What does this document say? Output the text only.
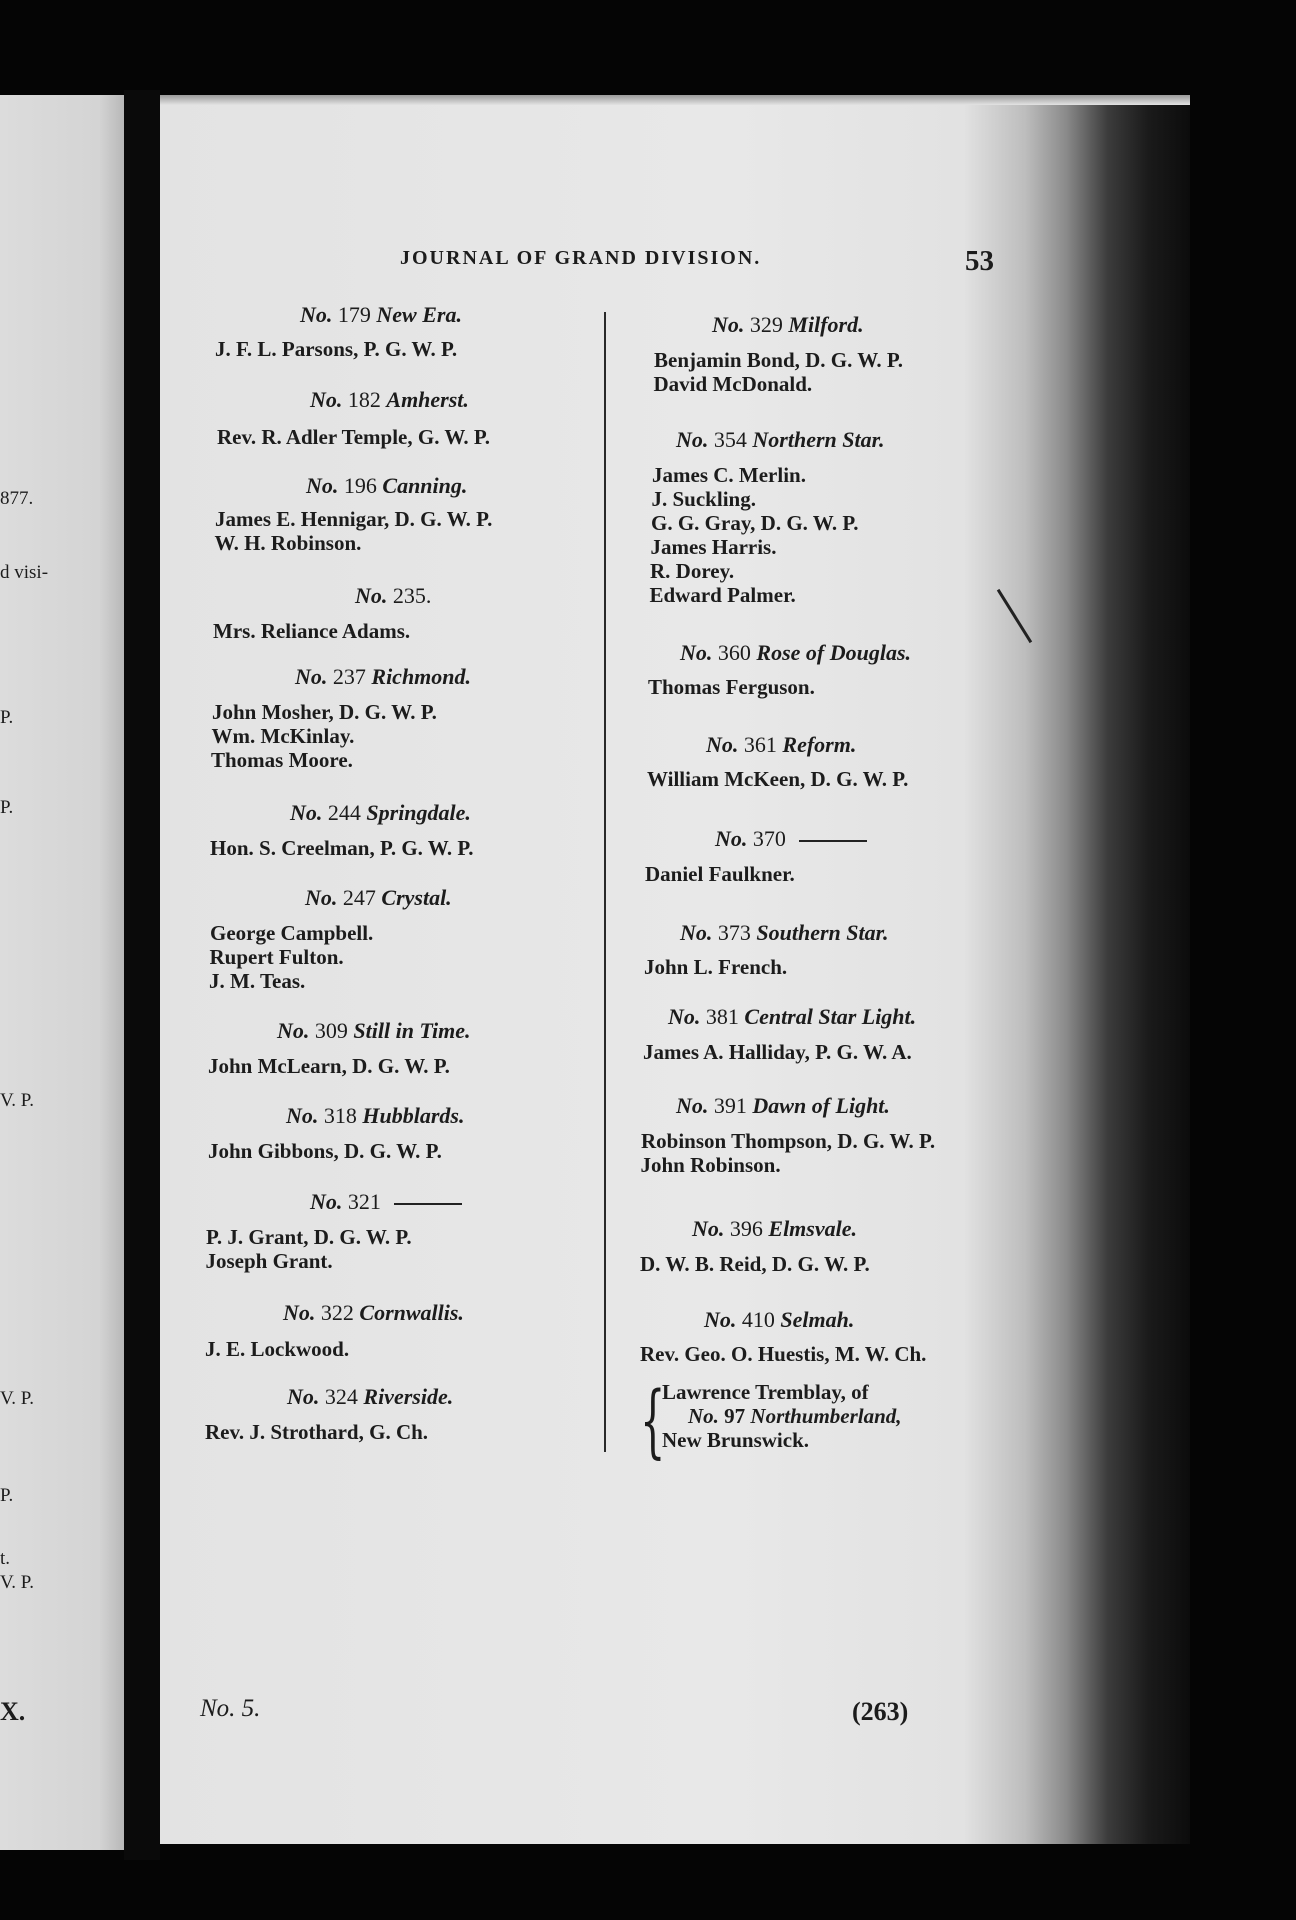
877.
d visi-
P.
P.
V. P.
V. P.
P.
t.
V. P.
X.
JOURNAL OF GRAND DIVISION.	53
No. 179 New Era.
J. F. L. Parsons, P. G. W. P.
No. 182 Amherst.
Rev. R. Adler Temple, G. W. P.
No. 196 Canning.
James E. Hennigar, D. G. W. P.
W. H. Robinson.
No. 235.
Mrs. Reliance Adams.
No. 237 Richmond.
John Mosher, D. G. W. P.
Wm. McKinlay.
Thomas Moore.
No. 244 Springdale.
Hon. S. Creelman, P. G. W. P.
No. 247 Crystal.
George Campbell.
Rupert Fulton.
J. M. Teas.
No. 309 Still in Time.
John McLearn, D. G. W. P.
No. 318 Hubblards.
John Gibbons, D. G. W. P.
No. 321
P. J. Grant, D. G. W. P.
Joseph Grant.
No. 322 Cornwallis.
J. E. Lockwood.
No. 324 Riverside.
Rev. J. Strothard, G. Ch.
No. 329 Milford.
Benjamin Bond, D. G. W. P.
David McDonald.
No. 354 Northern Star.
James C. Merlin.
J. Suckling.
G. G. Gray, D. G. W. P.
James Harris.
R. Dorey.
Edward Palmer.
No. 360 Rose of Douglas.
Thomas Ferguson.
No. 361 Reform.
William McKeen, D. G. W. P.
No. 370
Daniel Faulkner.
No. 373 Southern Star.
John L. French.
No. 381 Central Star Light.
James A. Halliday, P. G. W. A.
No. 391 Dawn of Light.
Robinson Thompson, D. G. W. P.
John Robinson.
No. 396 Elmsvale.
D. W. B. Reid, D. G. W. P.
No. 410 Selmah.
Rev. Geo. O. Huestis, M. W. Ch.
{
Lawrence Tremblay, of
No. 97 Northumberland,
New Brunswick.
No. 5.	(263)
